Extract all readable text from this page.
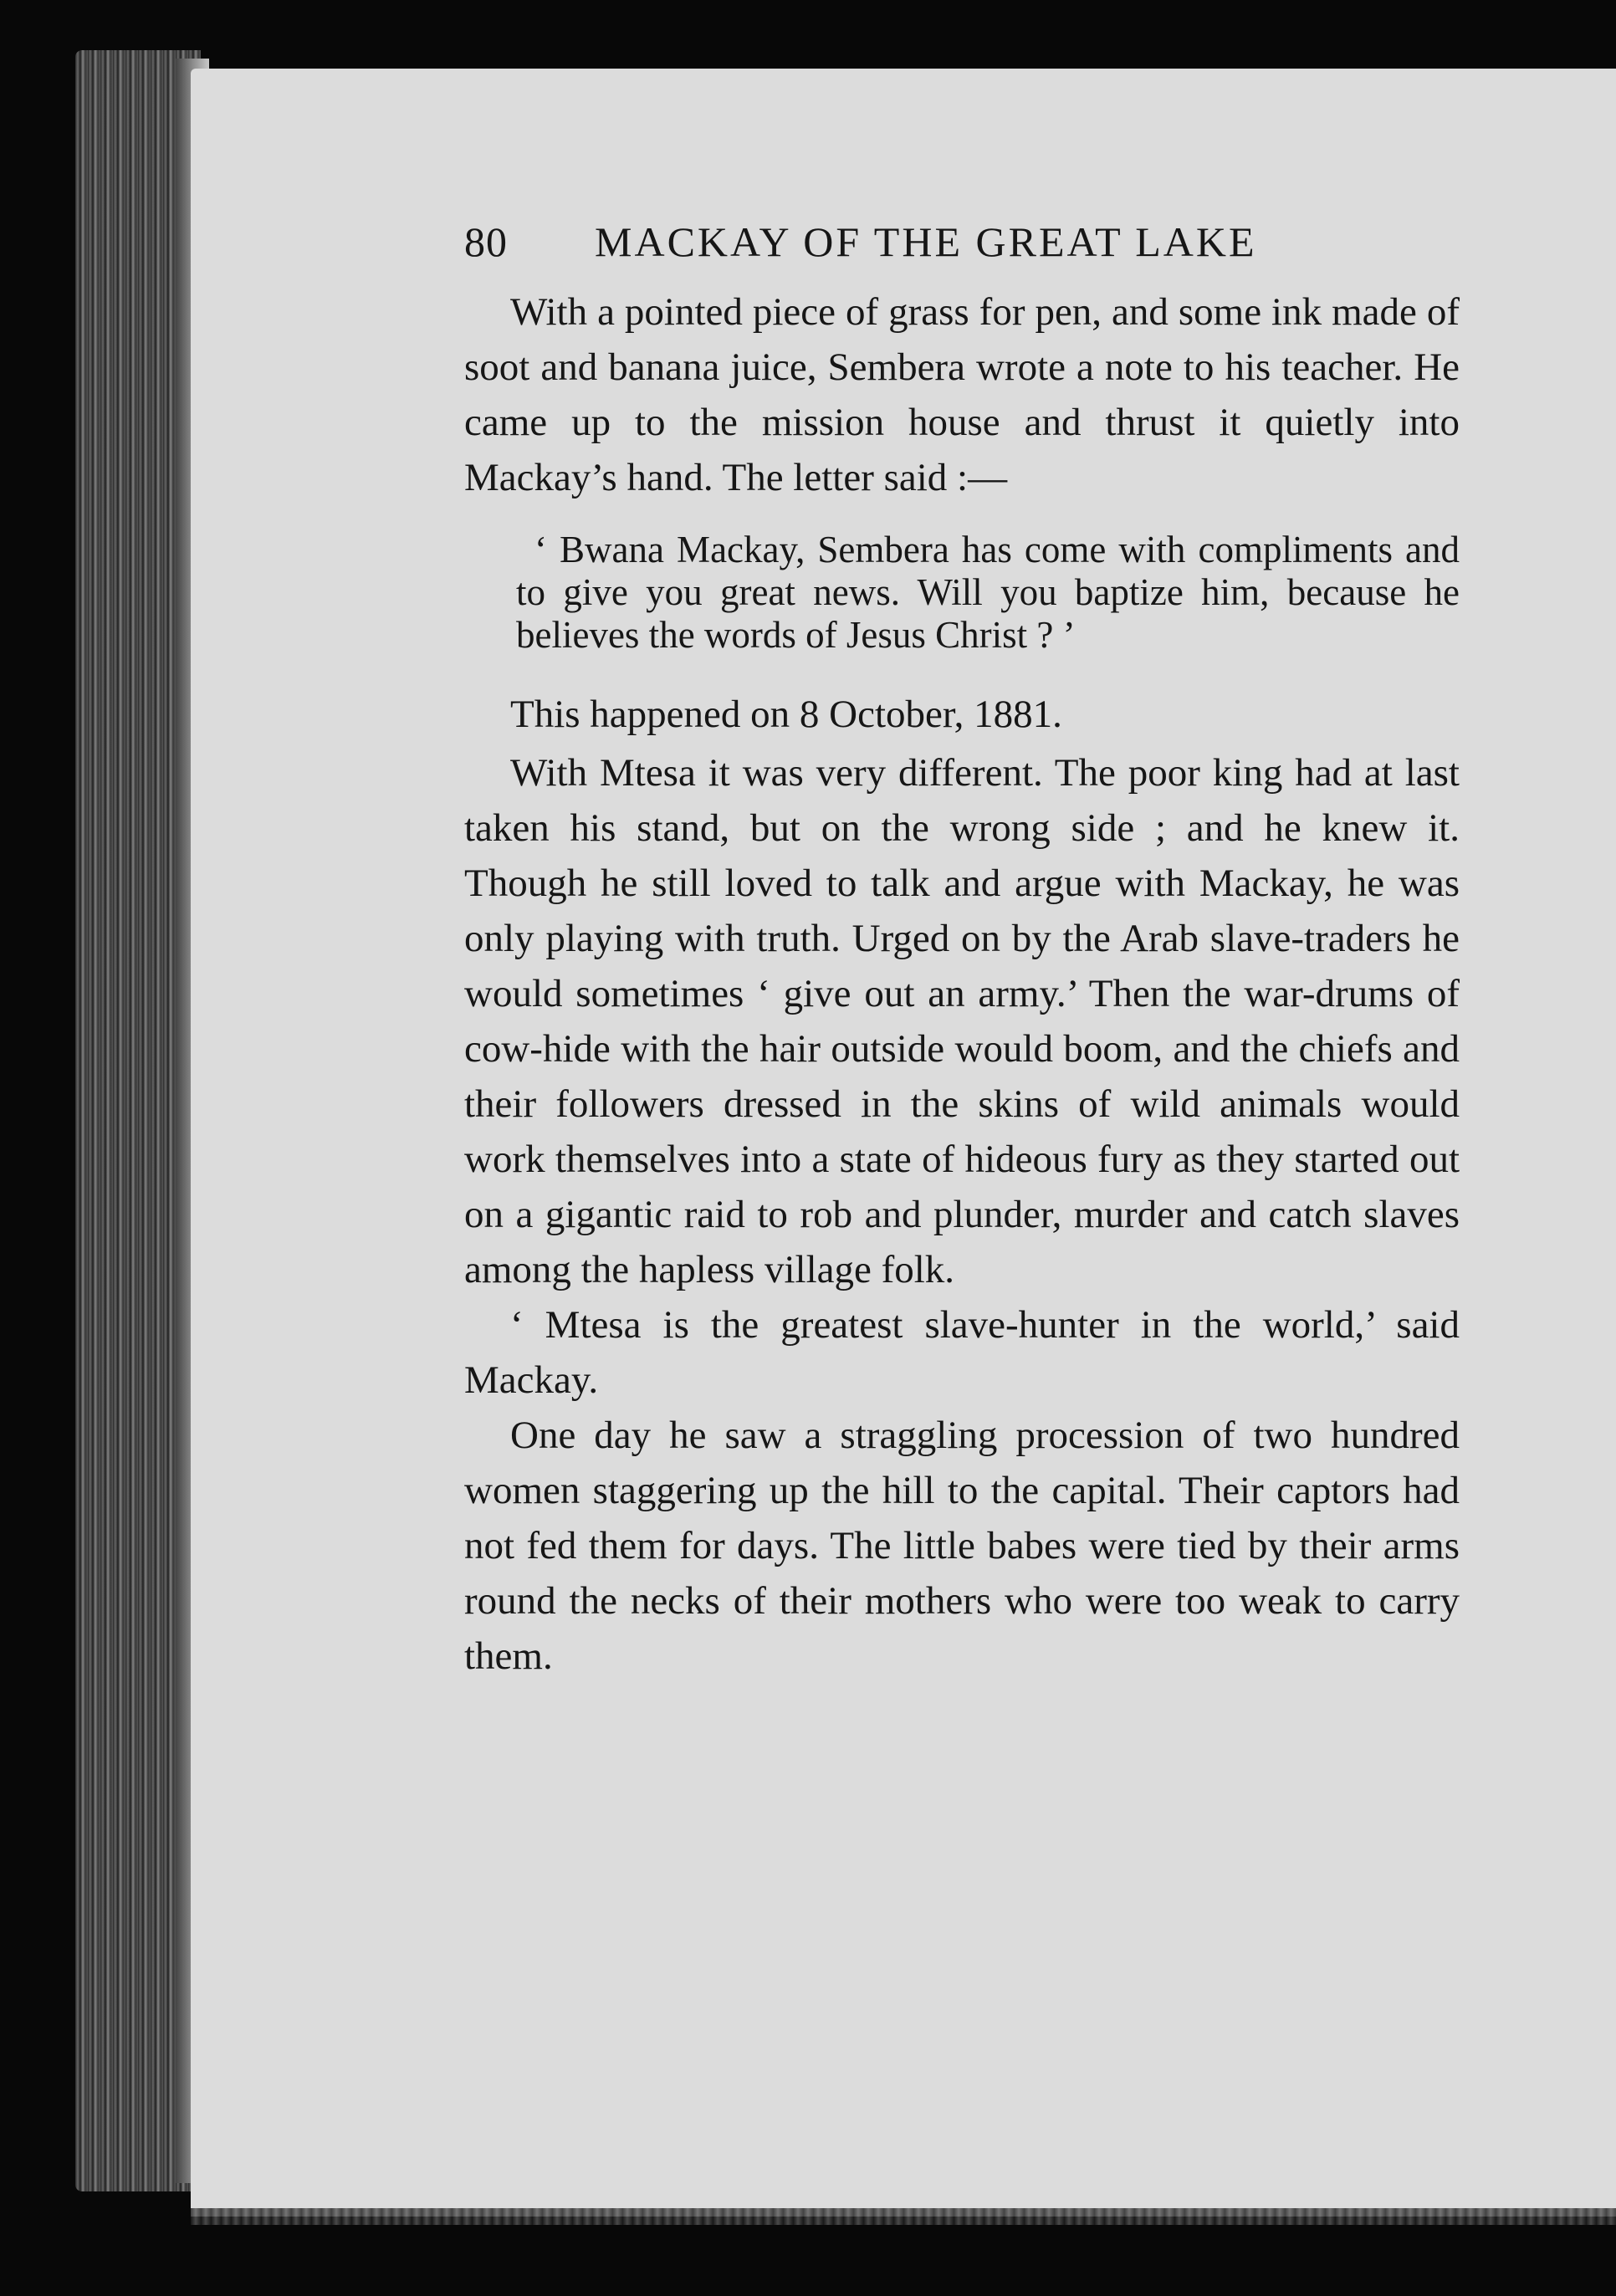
80	MACKAY OF THE GREAT LAKE

With a pointed piece of grass for pen, and some ink made of soot and banana juice, Sembera wrote a note to his teacher. He came up to the mission house and thrust it quietly into Mackay’s hand. The letter said :—

‘ Bwana Mackay, Sembera has come with compliments and to give you great news. Will you baptize him, because he believes the words of Jesus Christ ? ’

This happened on 8 October, 1881.

With Mtesa it was very different. The poor king had at last taken his stand, but on the wrong side ; and he knew it. Though he still loved to talk and argue with Mackay, he was only playing with truth. Urged on by the Arab slave-traders he would sometimes ‘ give out an army.’ Then the war-drums of cow-hide with the hair outside would boom, and the chiefs and their followers dressed in the skins of wild animals would work themselves into a state of hideous fury as they started out on a gigantic raid to rob and plunder, murder and catch slaves among the hapless village folk.

‘ Mtesa is the greatest slave-hunter in the world,’ said Mackay.

One day he saw a straggling procession of two hundred women staggering up the hill to the capital. Their captors had not fed them for days. The little babes were tied by their arms round the necks of their mothers who were too weak to carry them.
